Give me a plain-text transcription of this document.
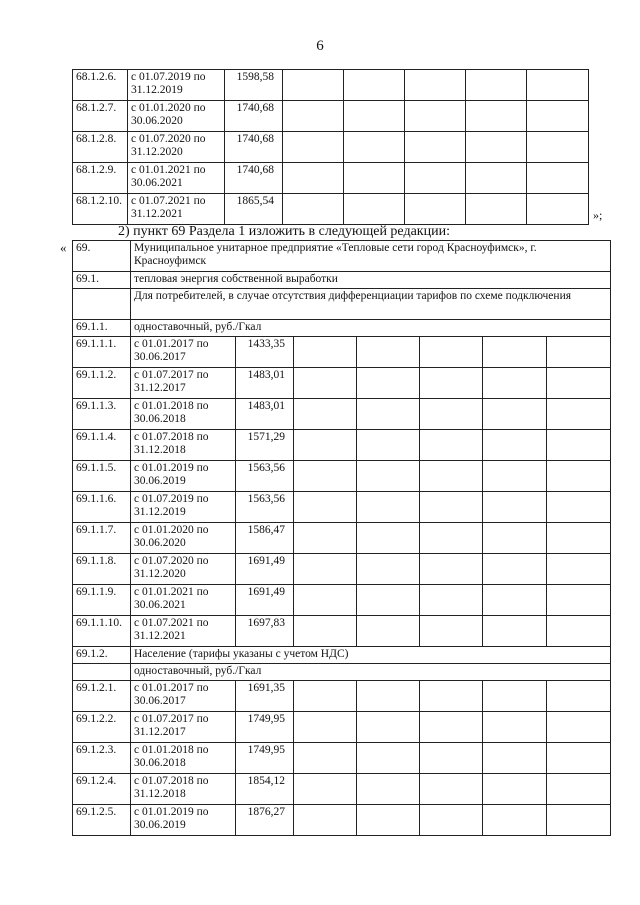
6
68.1.2.6.	с 01.07.2019 по 31.12.2019	1598,58					
68.1.2.7.	с 01.01.2020 по 30.06.2020	1740,68					
68.1.2.8.	с 01.07.2020 по 31.12.2020	1740,68					
68.1.2.9.	с 01.01.2021 по 30.06.2021	1740,68					
68.1.2.10.	с 01.07.2021 по 31.12.2021	1865,54					
»;
2) пункт 69 Раздела 1 изложить в следующей редакции:
« 69.	Муниципальное унитарное предприятие «Тепловые сети город Красноуфимск», г. Красноуфимск						
69.1.	тепловая энергия собственной выработки						
	Для потребителей, в случае отсутствия дифференциации тарифов по схеме подключения						
69.1.1.	одноставочный, руб./Гкал						
69.1.1.1.	с 01.01.2017 по 30.06.2017	1433,35					
69.1.1.2.	с 01.07.2017 по 31.12.2017	1483,01					
69.1.1.3.	с 01.01.2018 по 30.06.2018	1483,01					
69.1.1.4.	с 01.07.2018 по 31.12.2018	1571,29					
69.1.1.5.	с 01.01.2019 по 30.06.2019	1563,56					
69.1.1.6.	с 01.07.2019 по 31.12.2019	1563,56					
69.1.1.7.	с 01.01.2020 по 30.06.2020	1586,47					
69.1.1.8.	с 01.07.2020 по 31.12.2020	1691,49					
69.1.1.9.	с 01.01.2021 по 30.06.2021	1691,49					
69.1.1.10.	с 01.07.2021 по 31.12.2021	1697,83					
69.1.2.	Население (тарифы указаны с учетом НДС)						
	одноставочный, руб./Гкал						
69.1.2.1.	с 01.01.2017 по 30.06.2017	1691,35					
69.1.2.2.	с 01.07.2017 по 31.12.2017	1749,95					
69.1.2.3.	с 01.01.2018 по 30.06.2018	1749,95					
69.1.2.4.	с 01.07.2018 по 31.12.2018	1854,12					
69.1.2.5.	с 01.01.2019 по 30.06.2019	1876,27					
